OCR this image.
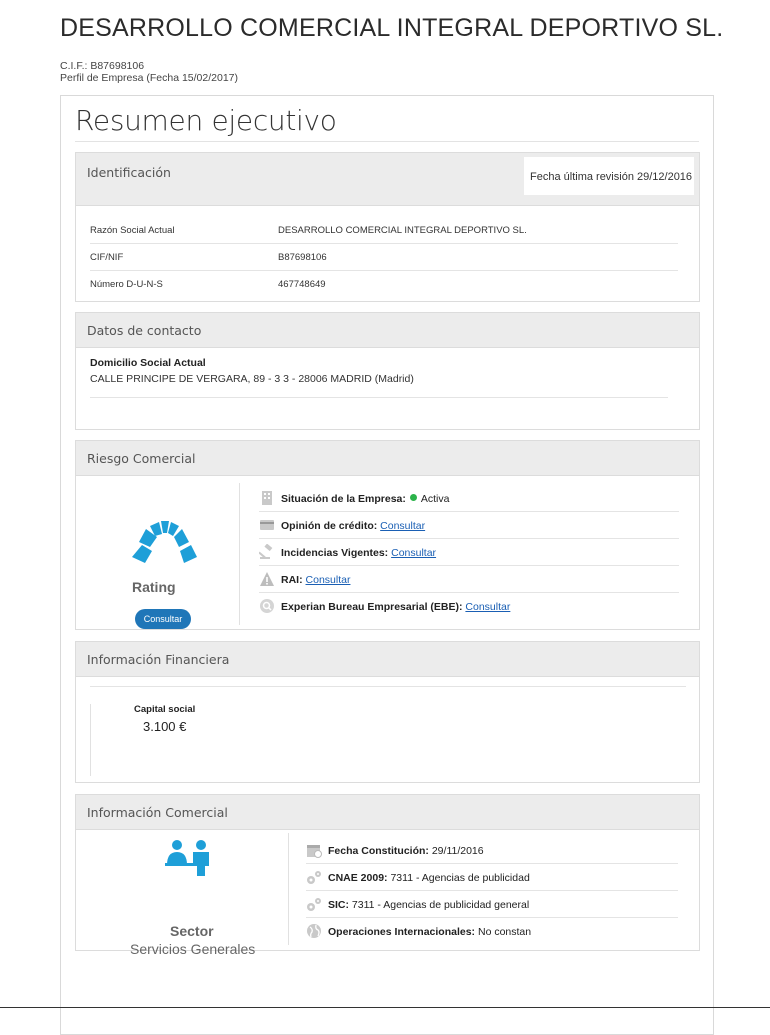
DESARROLLO COMERCIAL INTEGRAL DEPORTIVO SL.
C.I.F.: B87698106
Perfil de Empresa (Fecha 15/02/2017)
Resumen ejecutivo
Identificación	Fecha última revisión 29/12/2016
Razón Social Actual	DESARROLLO COMERCIAL INTEGRAL DEPORTIVO SL.
CIF/NIF	B87698106
Número D-U-N-S	467748649
Datos de contacto
Domicilio Social Actual
CALLE PRINCIPE DE VERGARA, 89 - 3 3 - 28006 MADRID (Madrid)
Riesgo Comercial
Rating
Consultar
Situación de la Empresa: Activa
Opinión de crédito: Consultar
Incidencias Vigentes: Consultar
RAI: Consultar
Experian Bureau Empresarial (EBE): Consultar
Información Financiera
Capital social
3.100 €
Información Comercial
Sector
Servicios Generales
Fecha Constitución: 29/11/2016
CNAE 2009: 7311 - Agencias de publicidad
SIC: 7311 - Agencias de publicidad general
Operaciones Internacionales: No constan
